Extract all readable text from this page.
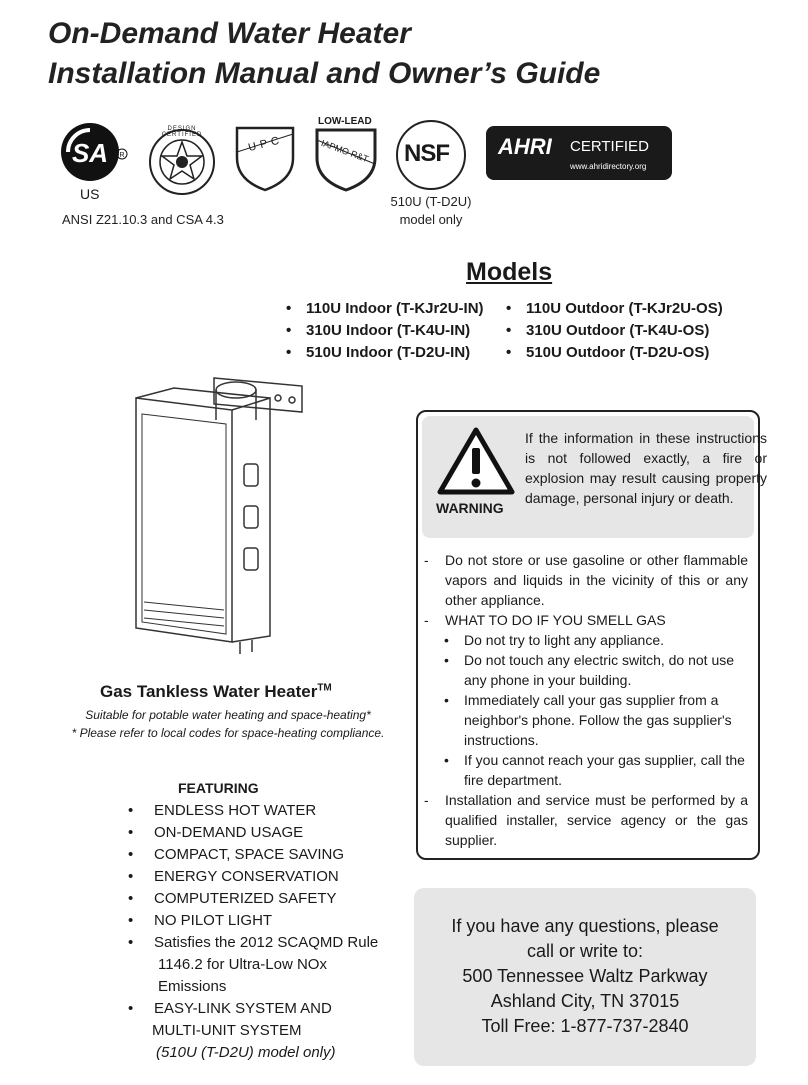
On-Demand Water Heater
Installation Manual and Owner’s Guide
SA R
US
ANSI Z21.10.3 and CSA 4.3
DESIGN CERTIFIED	UPC
LOW-LEAD
IAPMO R&T NSF
510U (T-D2U)
model only
AHRI CERTIFIED
www.ahridirectory.org
Models
• 110U Indoor (T-KJr2U-IN)
• 310U Indoor (T-K4U-IN)
• 510U Indoor (T-D2U-IN)
• 110U Outdoor (T-KJr2U-OS)
• 310U Outdoor (T-K4U-OS)
• 510U Outdoor (T-D2U-OS)
Gas Tankless Water Heater™
Suitable for potable water heating and space-heating*
* Please refer to local codes for space-heating compliance.
FEATURING
•	ENDLESS HOT WATER
•	ON-DEMAND USAGE
•	COMPACT, SPACE SAVING
•	ENERGY CONSERVATION
•	COMPUTERIZED SAFETY
•	NO PILOT LIGHT
•	Satisfies the 2012 SCAQMD Rule
1146.2 for Ultra-Low NOx
Emissions
•	EASY-LINK SYSTEM AND
MULTI-UNIT SYSTEM
(510U (T-D2U) model only)
WARNING
If the information in these instructions is not followed exactly, a fire or explosion may result causing property damage, personal injury or death.
-	Do not store or use gasoline or other flammable vapors and liquids in the vicinity of this or any other appliance.
-	WHAT TO DO IF YOU SMELL GAS
•	Do not try to light any appliance.
•	Do not touch any electric switch, do not use any phone in your building.
•	Immediately call your gas supplier from a neighbor's phone. Follow the gas supplier's instructions.
•	If you cannot reach your gas supplier, call the fire department.
-	Installation and service must be performed by a qualified installer, service agency or the gas supplier.
If you have any questions, please
call or write to:
500 Tennessee Waltz Parkway
Ashland City, TN 37015
Toll Free: 1-877-737-2840
